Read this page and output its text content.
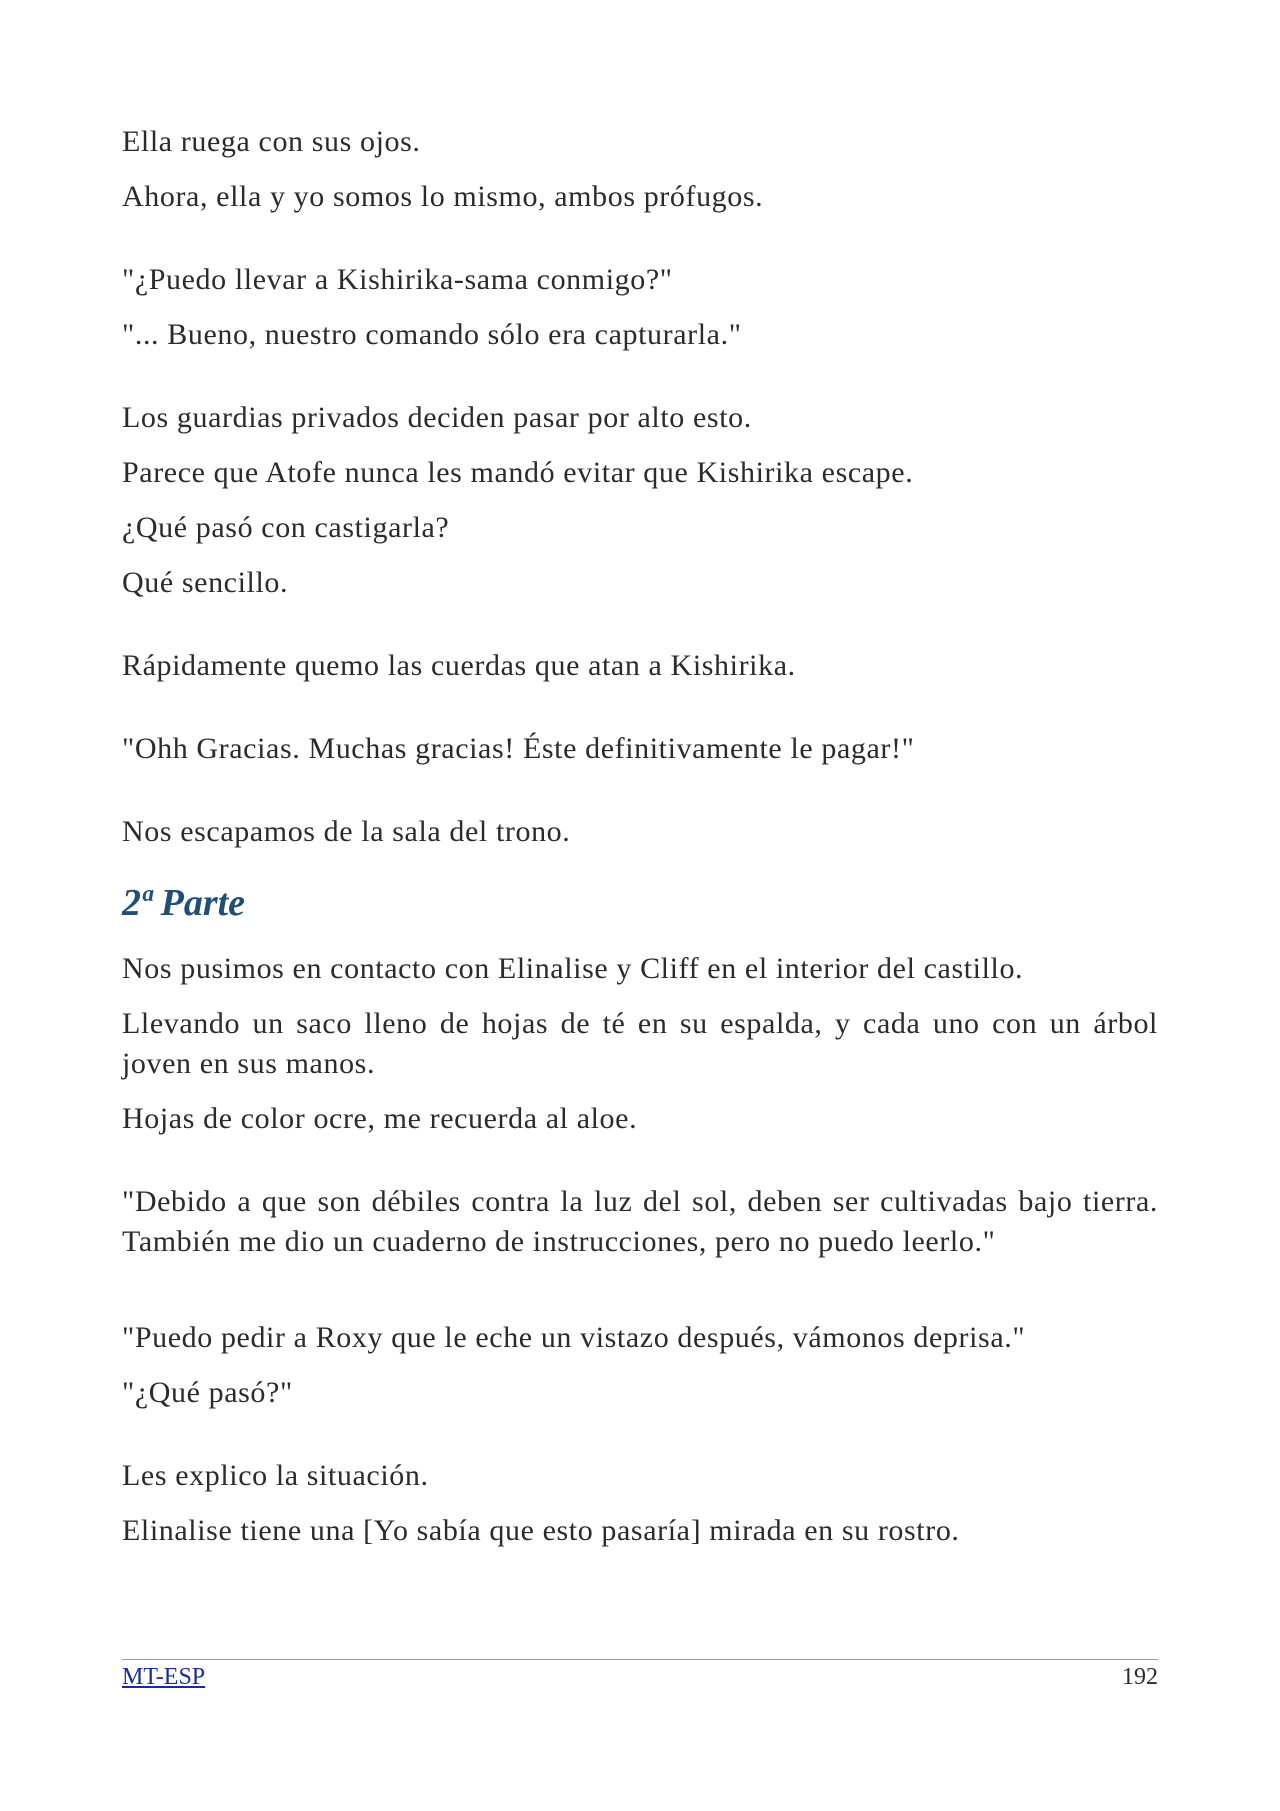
Ella ruega con sus ojos.

Ahora, ella y yo somos lo mismo, ambos prófugos.

"¿Puedo llevar a Kishirika-sama conmigo?"

"... Bueno, nuestro comando sólo era capturarla."

Los guardias privados deciden pasar por alto esto.

Parece que Atofe nunca les mandó evitar que Kishirika escape.

¿Qué pasó con castigarla?

Qué sencillo.

Rápidamente quemo las cuerdas que atan a Kishirika.

"Ohh Gracias. Muchas gracias! Éste definitivamente le pagar!"

Nos escapamos de la sala del trono.

2ª Parte

Nos pusimos en contacto con Elinalise y Cliff en el interior del castillo.

Llevando un saco lleno de hojas de té en su espalda, y cada uno con un árbol joven en sus manos.

Hojas de color ocre, me recuerda al aloe.

"Debido a que son débiles contra la luz del sol, deben ser cultivadas bajo tierra. También me dio un cuaderno de instrucciones, pero no puedo leerlo."

"Puedo pedir a Roxy que le eche un vistazo después, vámonos deprisa."

"¿Qué pasó?"

Les explico la situación.

Elinalise tiene una [Yo sabía que esto pasaría] mirada en su rostro.

MT-ESP	192
